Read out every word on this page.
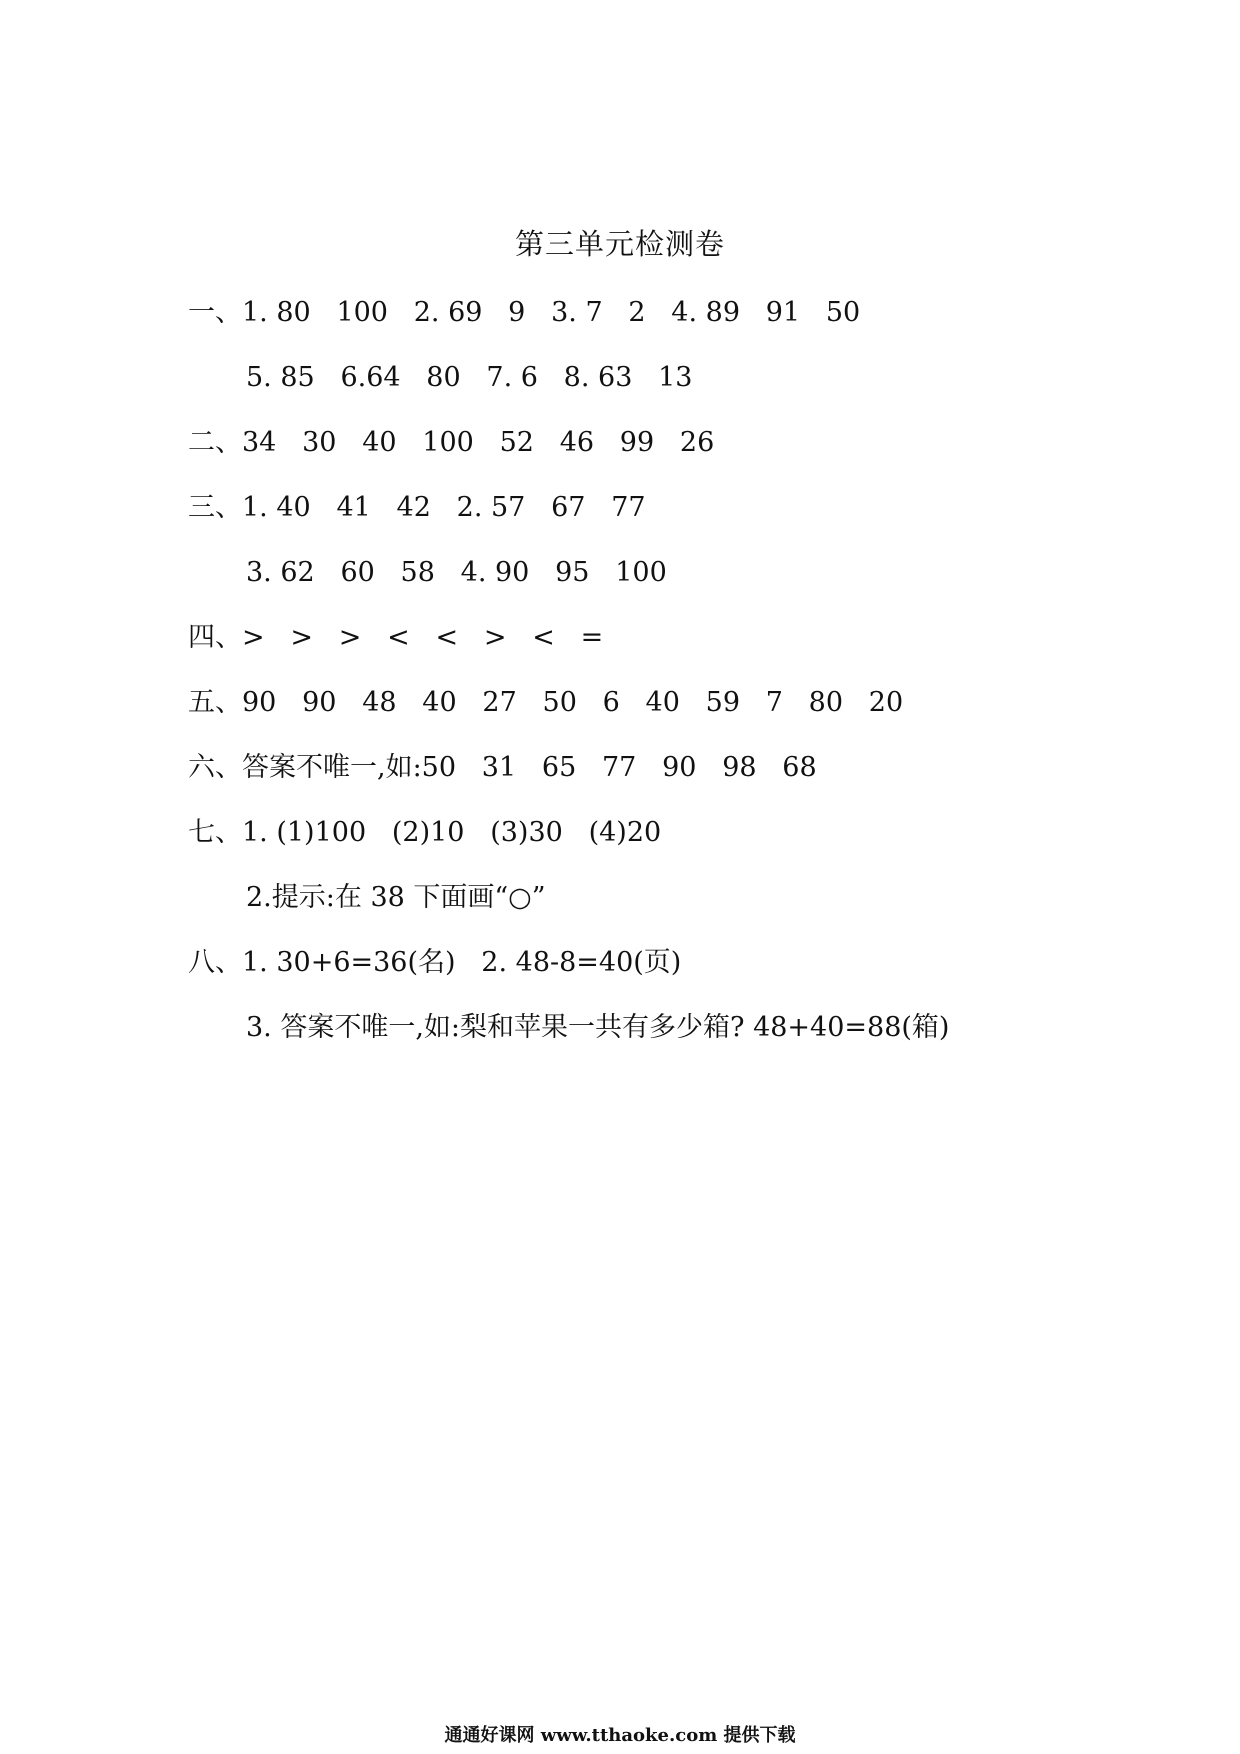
第三单元检测卷
一、1. 80   100   2. 69   9   3. 7   2   4. 89   91   50
5. 85   6.64   80   7. 6   8. 63   13
二、34   30   40   100   52   46   99   26
三、1. 40   41   42   2. 57   67   77
3. 62   60   58   4. 90   95   100
四、>   >   >   <   <   >   <   =
五、90   90   48   40   27   50   6   40   59   7   80   20
六、答案不唯一,如:50   31   65   77   90   98   68
七、1. (1)100   (2)10   (3)30   (4)20
2.提示:在 38 下面画“○”
八、1. 30+6=36(名)   2. 48-8=40(页)
3. 答案不唯一,如:梨和苹果一共有多少箱? 48+40=88(箱)
通通好课网 www.tthaoke.com 提供下载
